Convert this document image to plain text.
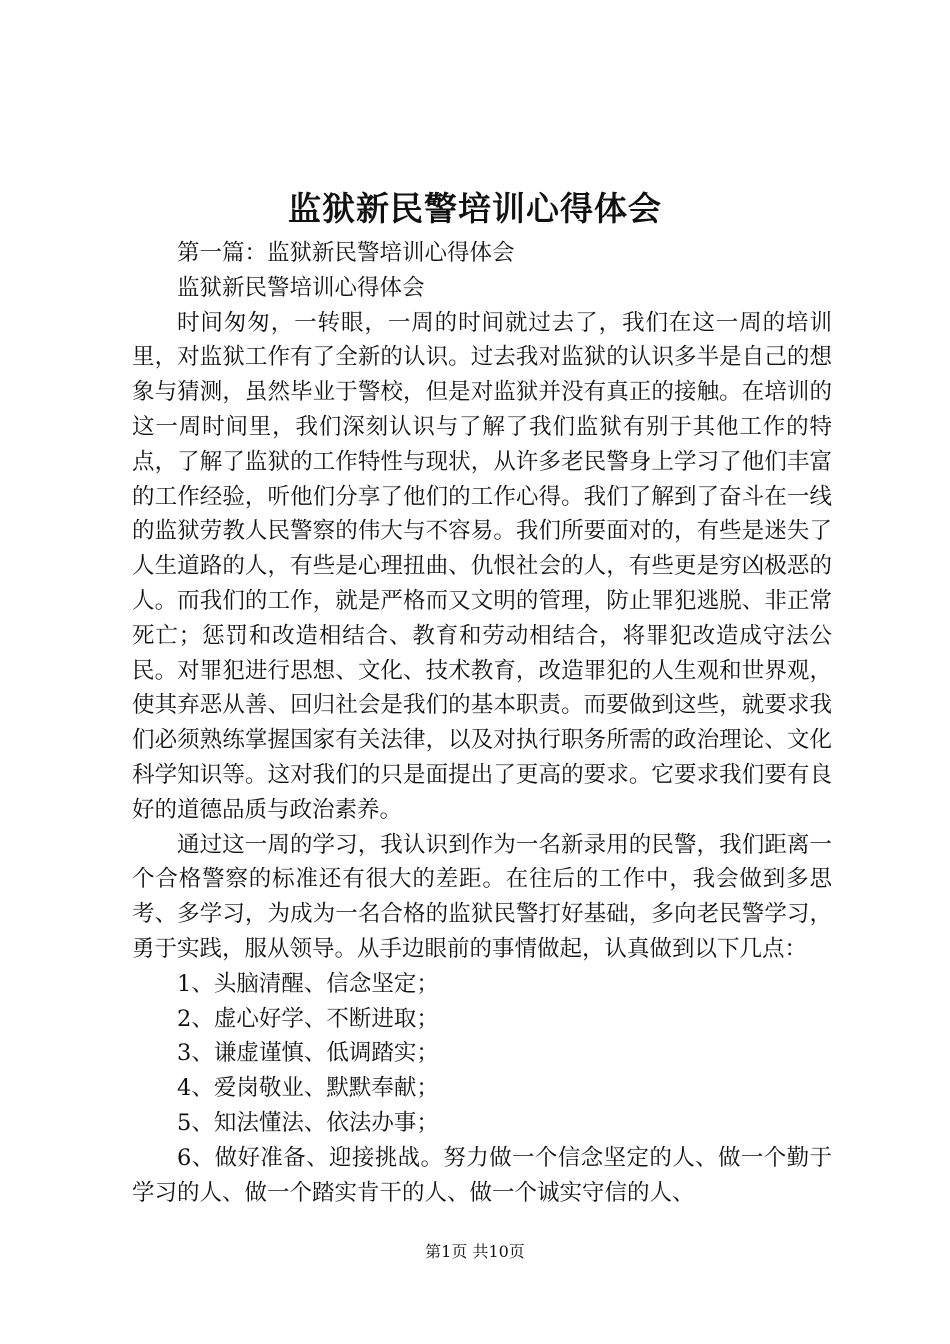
监狱新民警培训心得体会

第一篇：监狱新民警培训心得体会

监狱新民警培训心得体会

时间匆匆，一转眼，一周的时间就过去了，我们在这一周的培训里，对监狱工作有了全新的认识。过去我对监狱的认识多半是自己的想象与猜测，虽然毕业于警校，但是对监狱并没有真正的接触。在培训的这一周时间里，我们深刻认识与了解了我们监狱有别于其他工作的特点，了解了监狱的工作特性与现状，从许多老民警身上学习了他们丰富的工作经验，听他们分享了他们的工作心得。我们了解到了奋斗在一线的监狱劳教人民警察的伟大与不容易。我们所要面对的，有些是迷失了人生道路的人，有些是心理扭曲、仇恨社会的人，有些更是穷凶极恶的人。而我们的工作，就是严格而又文明的管理，防止罪犯逃脱、非正常死亡；惩罚和改造相结合、教育和劳动相结合，将罪犯改造成守法公民。对罪犯进行思想、文化、技术教育，改造罪犯的人生观和世界观，使其弃恶从善、回归社会是我们的基本职责。而要做到这些，就要求我们必须熟练掌握国家有关法律，以及对执行职务所需的政治理论、文化科学知识等。这对我们的只是面提出了更高的要求。它要求我们要有良好的道德品质与政治素养。

通过这一周的学习，我认识到作为一名新录用的民警，我们距离一个合格警察的标准还有很大的差距。在往后的工作中，我会做到多思考、多学习，为成为一名合格的监狱民警打好基础，多向老民警学习，勇于实践，服从领导。从手边眼前的事情做起，认真做到以下几点：

1、头脑清醒、信念坚定；

2、虚心好学、不断进取；

3、谦虚谨慎、低调踏实；

4、爱岗敬业、默默奉献；

5、知法懂法、依法办事；

6、做好准备、迎接挑战。努力做一个信念坚定的人、做一个勤于学习的人、做一个踏实肯干的人、做一个诚实守信的人、

第1页 共10页
